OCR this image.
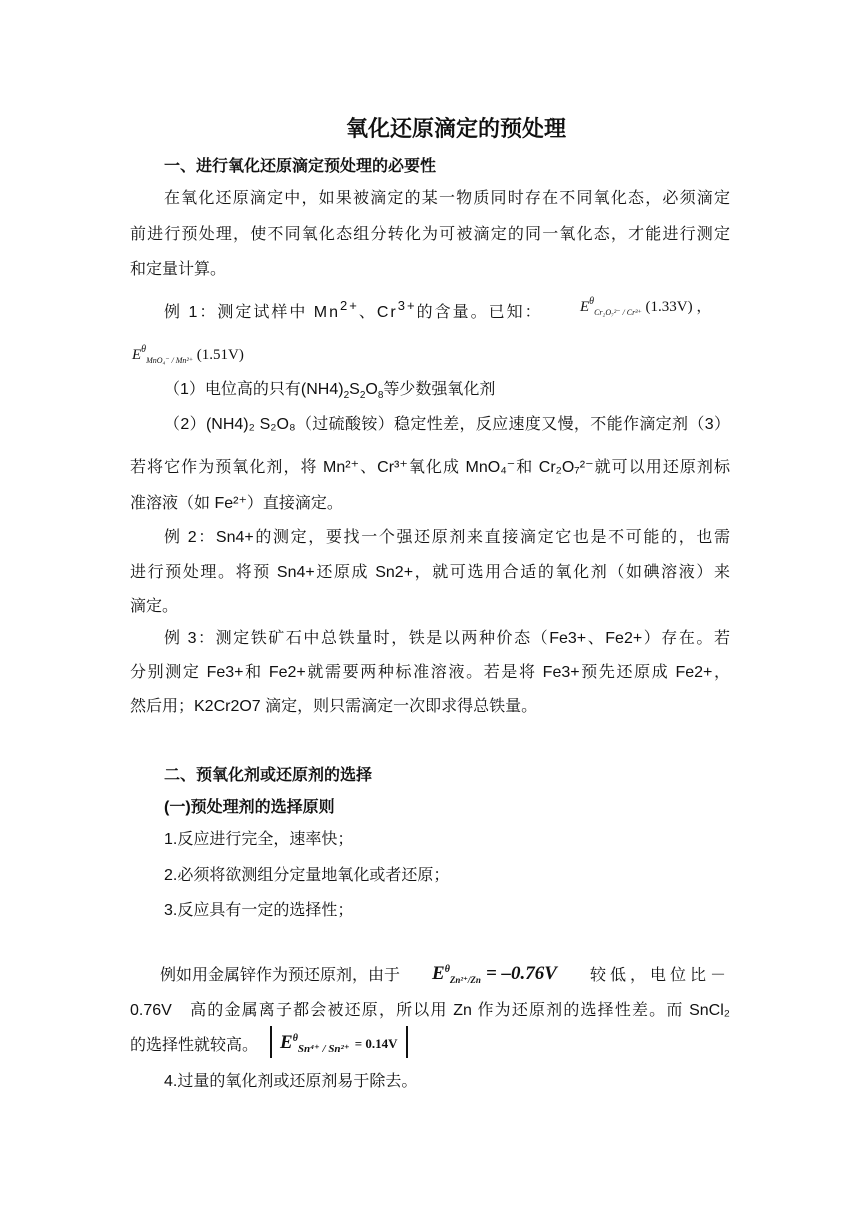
氧化还原滴定的预处理
一、进行氧化还原滴定预处理的必要性
在氧化还原滴定中，如果被滴定的某一物质同时存在不同氧化态，必须滴定
前进行预处理，使不同氧化态组分转化为可被滴定的同一氧化态，才能进行测定
和定量计算。
例 1：测定试样中 $Mn^{2+}$、$Cr^{3+}$的含量。已知： $E^\theta_{Cr_2O_7^{2-} / Cr^{3+}}$ (1.33V) ，
$E^\theta_{MnO_4^- / Mn^{2+}}$ (1.51V)
（1）电位高的只有$(NH4)_2S_2O_8$等少数强氧化剂
（2）(NH4)₂ S₂O₈（过硫酸铵）稳定性差，反应速度又慢，不能作滴定剂（3）
若将它作为预氧化剂，将 Mn²⁺、Cr³⁺氧化成 MnO₄⁻和 Cr₂O₇²⁻就可以用还原剂标
准溶液（如 Fe²⁺）直接滴定。
例 2：Sn4+的测定，要找一个强还原剂来直接滴定它也是不可能的，也需
进行预处理。将预 Sn4+还原成 Sn2+，就可选用合适的氧化剂（如碘溶液）来
滴定。
例 3：测定铁矿石中总铁量时，铁是以两种价态（Fe3+、Fe2+）存在。若
分别测定 Fe3+和 Fe2+就需要两种标准溶液。若是将 Fe3+预先还原成 Fe2+，
然后用；K2Cr2O7 滴定，则只需滴定一次即求得总铁量。
二、预氧化剂或还原剂的选择
(一)预处理剂的选择原则
1.反应进行完全，速率快；
2.必须将欲测组分定量地氧化或者还原；
3.反应具有一定的选择性；
例如用金属锌作为预还原剂，由于 $E^\theta_{Zn^{2+}/Zn} = -0.76V$ 较低，电位比－
0.76V　高的金属离子都会被还原，所以用 Zn 作为还原剂的选择性差。而 SnCl₂
的选择性就较高。	$E^\theta_{Sn^{4+} / Sn^{2+}} = 0.14V$
4.过量的氧化剂或还原剂易于除去。
